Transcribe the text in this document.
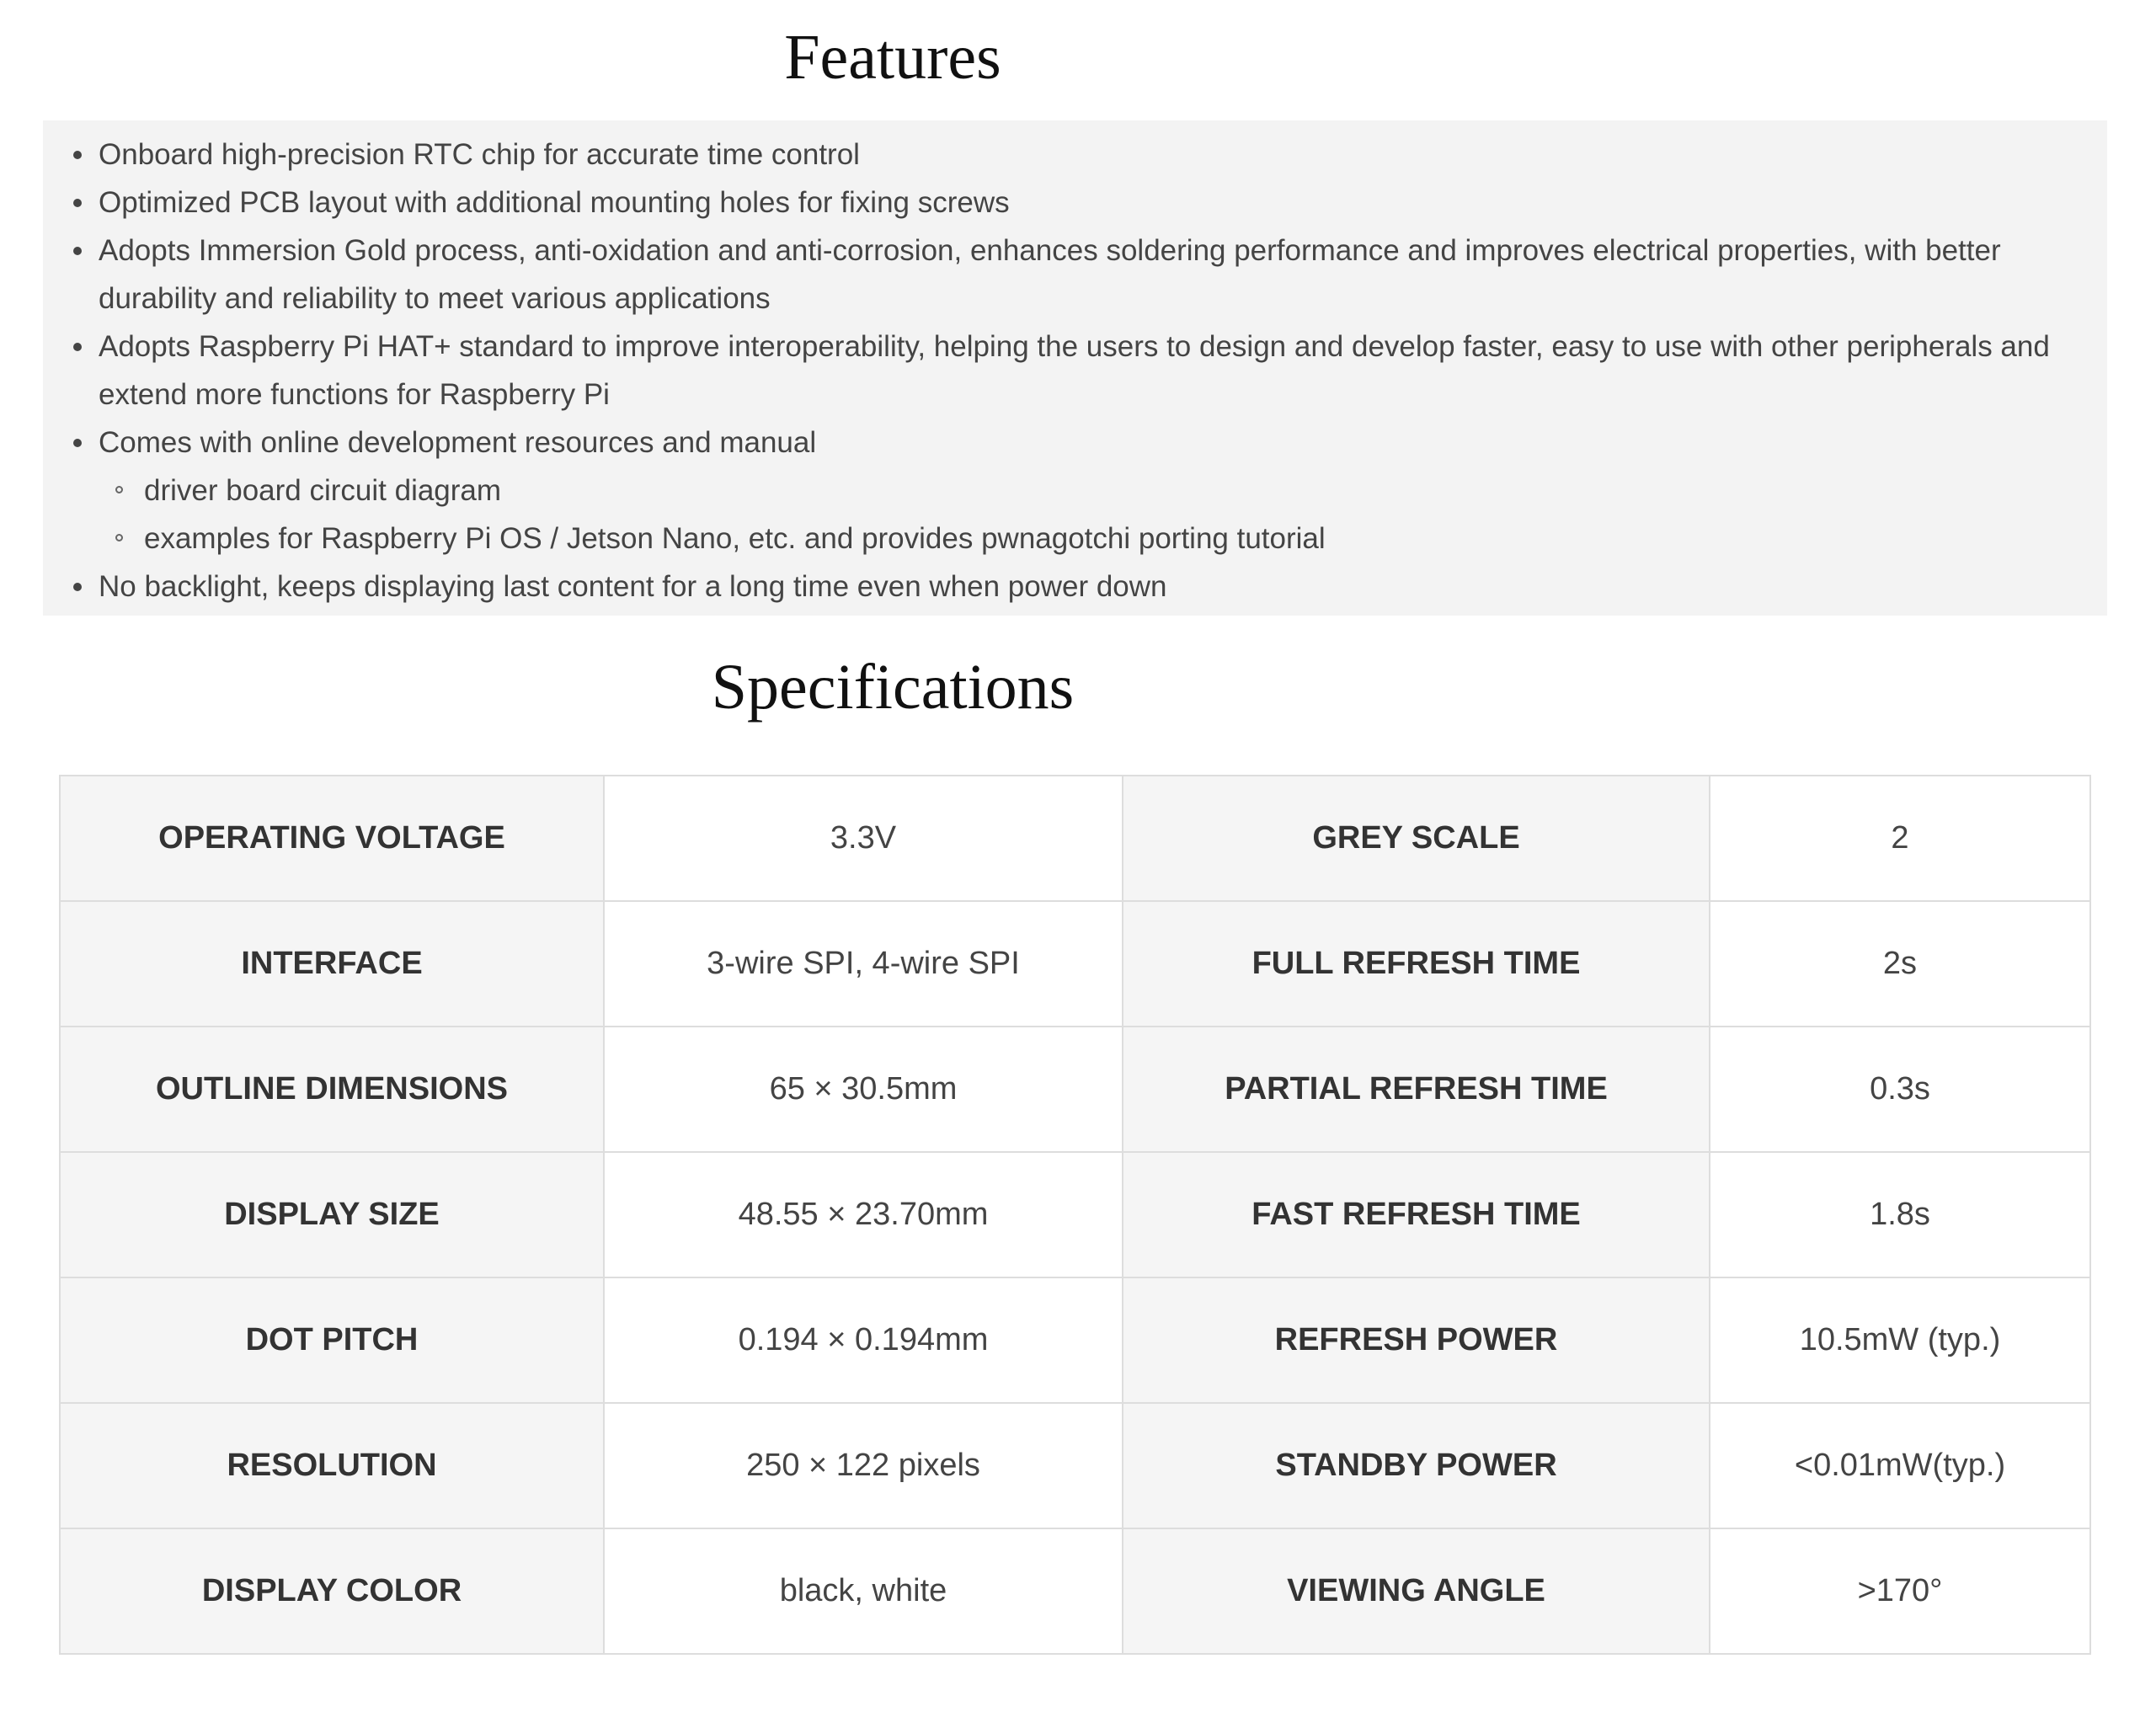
Features
Onboard high-precision RTC chip for accurate time control
Optimized PCB layout with additional mounting holes for fixing screws
Adopts Immersion Gold process, anti-oxidation and anti-corrosion, enhances soldering performance and improves electrical properties, with better durability and reliability to meet various applications
Adopts Raspberry Pi HAT+ standard to improve interoperability, helping the users to design and develop faster, easy to use with other peripherals and extend more functions for Raspberry Pi
Comes with online development resources and manual
driver board circuit diagram
examples for Raspberry Pi OS / Jetson Nano, etc. and provides pwnagotchi porting tutorial
No backlight, keeps displaying last content for a long time even when power down
Specifications
OPERATING VOLTAGE	3.3V	GREY SCALE	2
INTERFACE	3-wire SPI, 4-wire SPI	FULL REFRESH TIME	2s
OUTLINE DIMENSIONS	65 × 30.5mm	PARTIAL REFRESH TIME	0.3s
DISPLAY SIZE	48.55 × 23.70mm	FAST REFRESH TIME	1.8s
DOT PITCH	0.194 × 0.194mm	REFRESH POWER	10.5mW (typ.)
RESOLUTION	250 × 122 pixels	STANDBY POWER	<0.01mW(typ.)
DISPLAY COLOR	black, white	VIEWING ANGLE	>170°
